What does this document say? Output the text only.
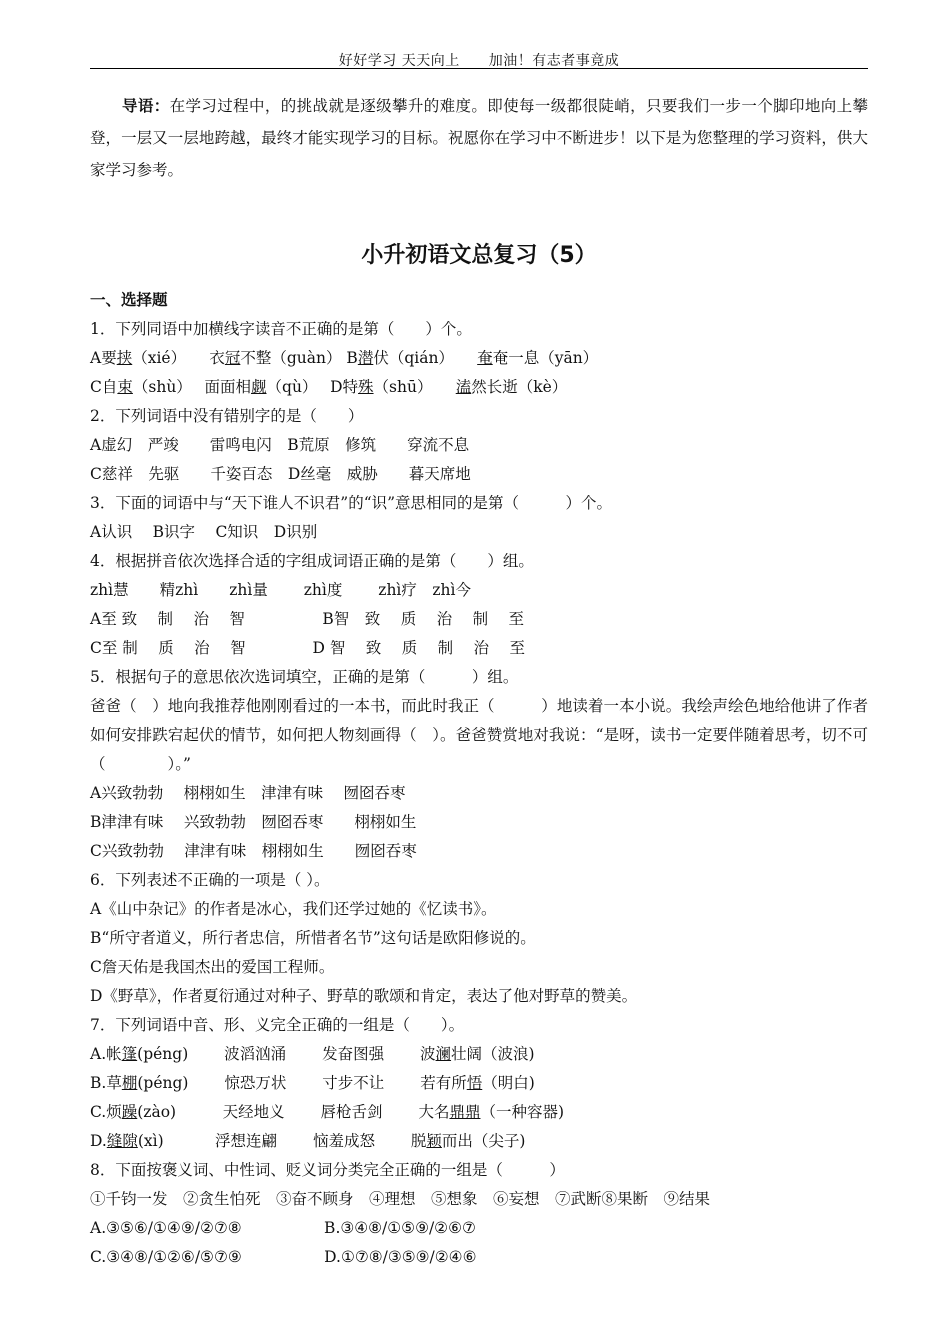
好好学习 天天向上　　加油！有志者事竟成
导语：在学习过程中，的挑战就是逐级攀升的难度。即使每一级都很陡峭，只要我们一步一个脚印地向上攀登，一层又一层地跨越，最终才能实现学习的目标。祝愿你在学习中不断进步！以下是为您整理的学习资料，供大家学习参考。
小升初语文总复习（5）
一、选择题
1．下列同语中加横线字读音不正确的是第（　　）个。
A要挟（xié）　　衣冠不整（guàn） B潜伏（qián）　　奄奄一息（yān）
C自束（shù）　 面面相觑（qù）　 D特殊（shū）　　溘然长逝（kè）
2．下列词语中没有错别字的是（　　）
A虚幻　严竣　　雷鸣电闪　B荒原　修筑　　穿流不息
C慈祥　先驱　　千姿百态　D丝毫　威胁　　暮天席地
3．下面的词语中与“天下谁人不识君”的“识”意思相同的是第（　　　）个。
A认识　 B识字　 C知识　D识别
4．根据拼音依次选择合适的字组成词语正确的是第（　　）组。
zhì慧　　精zhì　　zhì量　　 zhì度　　 zhì疗　zhì今
A至 致　 制　 治　 智　　　　　B智　致　 质　 治　 制　 至
C至 制　 质　 治　 智　　　　 D 智　 致　 质　 制　 治　 至
5．根据句子的意思依次选词填空，正确的是第（　　　）组。
爸爸（　）地向我推荐他刚刚看过的一本书，而此时我正（　　　）地读着一本小说。我绘声绘色地给他讲了作者如何安排跌宕起伏的情节，如何把人物刻画得（　）。爸爸赞赏地对我说：“是呀，读书一定要伴随着思考，切不可（　　　　）。”
A兴致勃勃　 栩栩如生　津津有味　 囫囵吞枣
B津津有味　 兴致勃勃　囫囵吞枣　　栩栩如生
C兴致勃勃　 津津有味　栩栩如生　　囫囵吞枣
6．下列表述不正确的一项是（ ）。
A《山中杂记》的作者是冰心，我们还学过她的《忆读书》。
B“所守者道义，所行者忠信，所惜者名节”这句话是欧阳修说的。
C詹天佑是我国杰出的爱国工程师。
D《野草》，作者夏衍通过对种子、野草的歌颂和肯定，表达了他对野草的赞美。
7．下列词语中音、形、义完全正确的一组是（　　）。
A.帐篷(péng)　　 波滔汹涌　　 发奋图强　　 波澜壮阔（波浪)
B.草棚(péng)　　 惊恐万状　　 寸步不让　　 若有所悟（明白)
C.烦躁(zào)　　　天经地义　　 唇枪舌剑　　 大名鼎鼎（一种容器)
D.缝隙(xì)　　　 浮想连翩　　 恼羞成怒　　 脱颖而出（尖子)
8．下面按褒义词、中性词、贬义词分类完全正确的一组是（　　　）
①千钧一发　②贪生怕死　③奋不顾身　④理想　⑤想象　⑥妄想　⑦武断⑧果断　⑨结果
A.③⑤⑥/①④⑨/②⑦⑧　　　　　 B.③④⑧/①⑤⑨/②⑥⑦
C.③④⑧/①②⑥/⑤⑦⑨　　　　　 D.①⑦⑧/③⑤⑨/②④⑥
